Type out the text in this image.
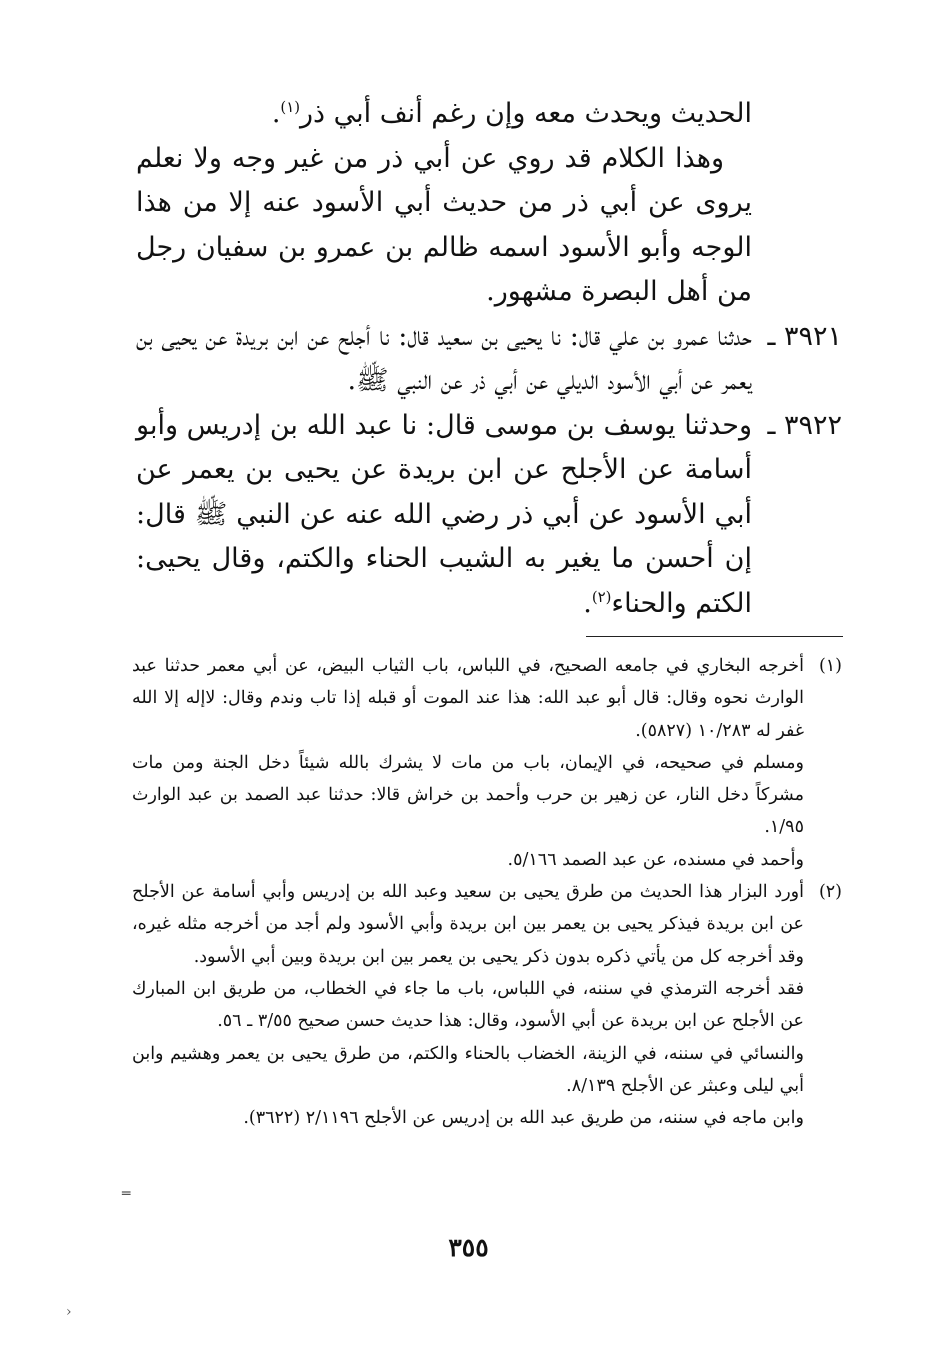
الحديث ويحدث معه وإن رغم أنف أبي ذر$^{(١)}$.

وهذا الكلام قد روي عن أبي ذر من غير وجه ولا نعلم يروى عن أبي ذر من حديث أبي الأسود عنه إلا من هذا الوجه وأبو الأسود اسمه ظالم بن عمرو بن سفيان رجل من أهل البصرة مشهور.

٣٩٢١ ـ

حدثنا عمرو بن علي قال: نا يحيى بن سعيد قال: نا أجلح عن ابن بريدة عن يحيى بن يعمر عن أبي الأسود الديلي عن أبي ذر عن النبي ﷺ.

٣٩٢٢ ـ

وحدثنا يوسف بن موسى قال: نا عبد الله بن إدريس وأبو أسامة عن الأجلح عن ابن بريدة عن يحيى بن يعمر عن أبي الأسود عن أبي ذر رضي الله عنه عن النبي ﷺ قال: إن أحسن ما يغير به الشيب الحناء والكتم، وقال يحيى: الكتم والحناء$^{(٢)}$.

(١)

أخرجه البخاري في جامعه الصحيح، في اللباس، باب الثياب البيض، عن أبي معمر حدثنا عبد الوارث نحوه وقال: قال أبو عبد الله: هذا عند الموت أو قبله إذا تاب وندم وقال: لا‌إله إلا الله غفر له ١٠/٢٨٣ (٥٨٢٧).

ومسلم في صحيحه، في الإيمان، باب من مات لا يشرك بالله شيئاً دخل الجنة ومن مات مشركاً دخل النار، عن زهير بن حرب وأحمد بن خراش قالا: حدثنا عبد الصمد بن عبد الوارث ١/٩٥.

وأحمد في مسنده، عن عبد الصمد ٥/١٦٦.

(٢)

أورد البزار هذا الحديث من طرق يحيى بن سعيد وعبد الله بن إدريس وأبي أسامة عن الأجلح عن ابن بريدة فيذكر يحيى بن يعمر بين ابن بريدة وأبي الأسود ولم أجد من أخرجه مثله غيره، وقد أخرجه كل من يأتي ذكره بدون ذكر يحيى بن يعمر بين ابن بريدة وبين أبي الأسود.

فقد أخرجه الترمذي في سننه، في اللباس، باب ما جاء في الخطاب، من طريق ابن المبارك عن الأجلح عن ابن بريدة عن أبي الأسود، وقال: هذا حديث حسن صحيح ٣/٥٥ ـ ٥٦.

والنسائي في سننه، في الزينة، الخضاب بالحناء والكتم، من طرق يحيى بن يعمر وهشيم وابن أبي ليلى وعبثر عن الأجلح ٨/١٣٩.

وابن ماجه في سننه، من طريق عبد الله بن إدريس عن الأجلح ٢/١١٩٦ (٣٦٢٢).

٣٥٥
═
‹
